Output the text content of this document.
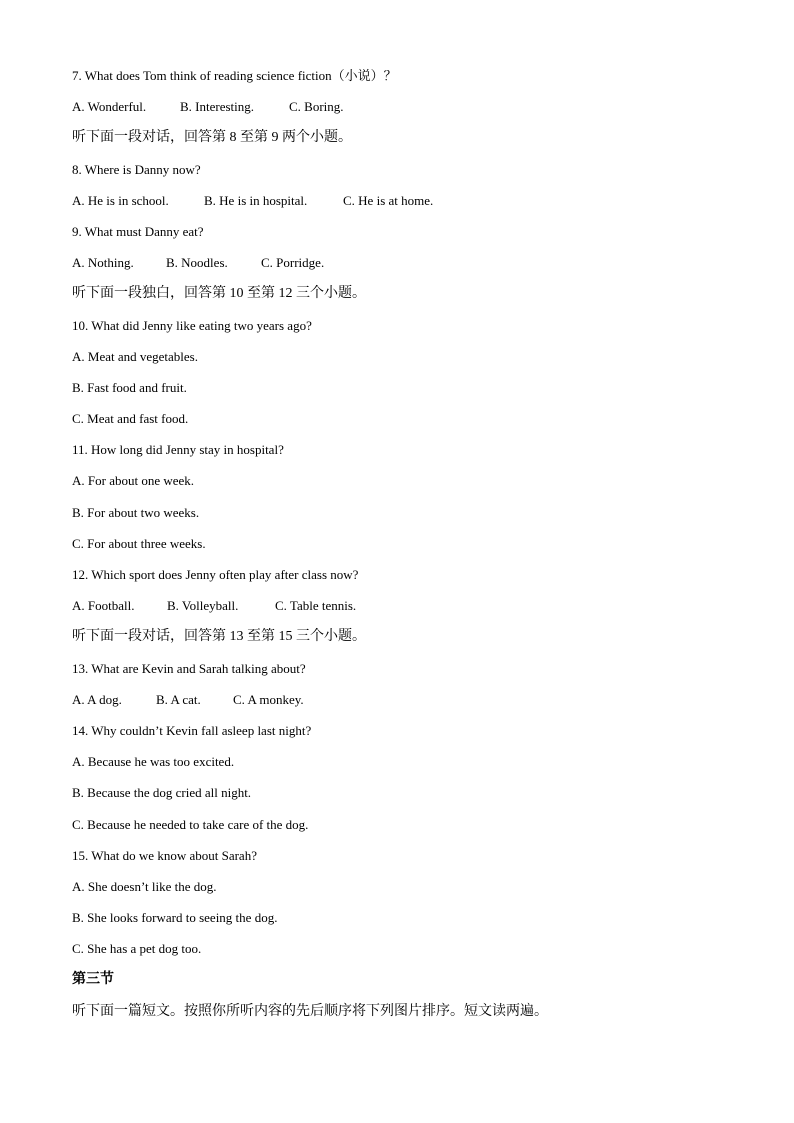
7. What does Tom think of reading science fiction（小说）？
A. Wonderful.	B. Interesting.	C. Boring.
听下面一段对话，回答第 8 至第 9 两个小题。
8. Where is Danny now?
A. He is in school.	B. He is in hospital.	C. He is at home.
9. What must Danny eat?
A. Nothing. B. Noodles.	C. Porridge.
听下面一段独白，回答第 10 至第 12 三个小题。
10. What did Jenny like eating two years ago?
A. Meat and vegetables.
B. Fast food and fruit.
C. Meat and fast food.
11. How long did Jenny stay in hospital?
A. For about one week.
B. For about two weeks.
C. For about three weeks.
12. Which sport does Jenny often play after class now?
A. Football.	B. Volleyball.	C. Table tennis.
听下面一段对话，回答第 13 至第 15 三个小题。
13. What are Kevin and Sarah talking about?
A. A dog.	B. A cat. C. A monkey.
14. Why couldn’t Kevin fall asleep last night?
A. Because he was too excited.
B. Because the dog cried all night.
C. Because he needed to take care of the dog.
15. What do we know about Sarah?
A. She doesn’t like the dog.
B. She looks forward to seeing the dog.
C. She has a pet dog too.
第三节
听下面一篇短文。按照你所听内容的先后顺序将下列图片排序。短文读两遍。
